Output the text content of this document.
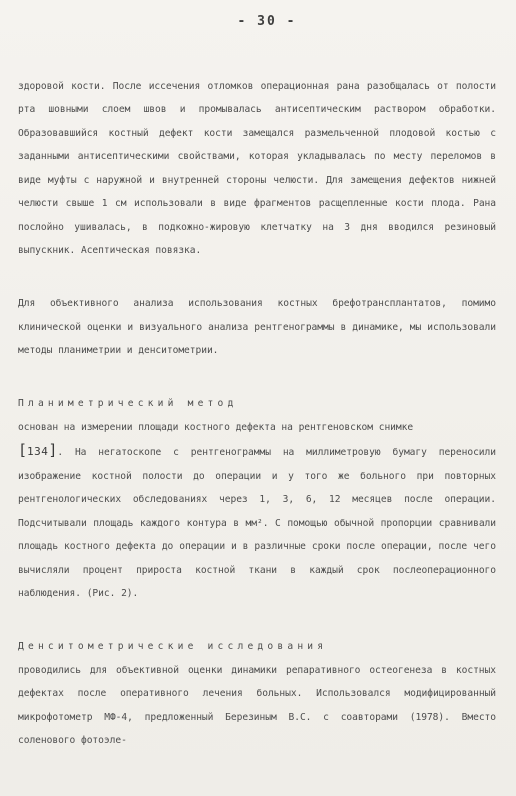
- 30 -

здоровой кости. После иссечения отломков операционная рана разобщалась от полости рта шовными слоем швов и промывалась антисептическим раствором обработки. Образовавшийся костный дефект кости замещался размельченной плодовой костью с заданными антисептическими свойствами, которая укладывалась по месту переломов в виде муфты с наружной и внутренней стороны челюсти. Для замещения дефектов нижней челюсти свыше 1 см использовали в виде фрагментов расщепленные кости плода. Рана послойно ушивалась, в подкожно-жировую клетчатку на 3 дня вводился резиновый выпускник. Асептическая повязка.

Для объективного анализа использования костных брефотрансплантатов, помимо клинической оценки и визуального анализа рентгенограммы в динамике, мы использовали методы планиметрии и денситометрии.

Планиметрический метод
основан на измерении площади костного дефекта на рентгеновском снимке
[134]. На негатоскопе с рентгенограммы на миллиметровую бумагу переносили изображение костной полости до операции и у того же больного при повторных рентгенологических обследованиях через 1, 3, 6, 12 месяцев после операции. Подсчитывали площадь каждого контура в мм². С помощью обычной пропорции сравнивали площадь костного дефекта до операции и в различные сроки после операции, после чего вычисляли процент прироста костной ткани в каждый срок послеоперационного наблюдения. (Рис. 2).

Денситометрические исследования
проводились для объективной оценки динамики репаративного остеогенеза в костных дефектах после оперативного лечения больных. Использовался модифицированный микрофотометр МФ-4, предложенный Березиным В.С. с соавторами (1978). Вместо соленового фотоэле-
